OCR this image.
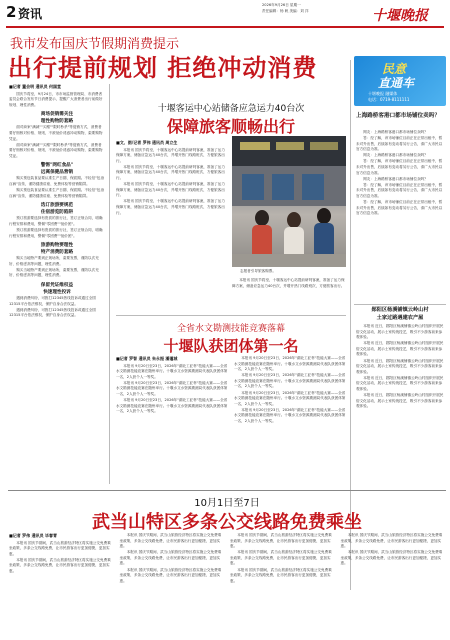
2 资讯
2026年9月26日 星期一
责任编辑：杨 帆 美编：刘 洋	十堰晚报
我市发布国庆节假期消费提示
出行提前规划 拒绝冲动消费
■记者 董会明 通讯员 何国堂

国庆节将至，9月24日，市市场监督管理局、市消费者委员会联合发布节日消费提示，提醒广大消费者出行前做好规划、理性消费。

商场促销需关注
理性购物防套路

面对商家"满减""买赠""限时秒杀"等促销方式，消费者要仔细核对价格、规则，不被低价诱惑冲动购物，索要购物凭证。

面对商家"满减""买赠""限时秒杀"等促销方式，消费者要仔细核对价格、规则，不被低价诱惑冲动购物，索要购物凭证。

警惕"网红食品"
远离保健品营销

购买预包装食品要认准生产日期、保质期。不轻信"包治百病"宣传，谨防健康讲座、免费体检等营销陷阱。

购买预包装食品要认准生产日期、保质期。不轻信"包治百病"宣传，谨防健康讲座、免费体检等营销陷阱。

选订旅游要规范
住宿游览防陷阱

预订旅游要选择有资质的旅行社，签订正规合同，明确行程安排和费用，警惕"零团费""低价团"。

预订旅游要选择有资质的旅行社，签订正规合同，明确行程安排和费用，警惕"零团费""低价团"。

旅游购物要理性
特产消费防套路

购买当地特产要到正规场所，索要发票，谨防以次充好、价格虚高等问题，理性消费。

购买当地特产要到正规场所，索要发票，谨防以次充好、价格虚高等问题，理性消费。

保留凭证维权益
快速理性投诉

遇到消费纠纷，可拨打12345热线投诉或通过全国12315平台依法维权，保护自身合法权益。

遇到消费纠纷，可拨打12345热线投诉或通过全国12315平台依法维权，保护自身合法权益。

十堰客运中心站储备应急运力40台次
保障旅客顺畅出行
志愿者引导旅客购票。
■文、图/记者 罗伟 通讯员 周立生

本报讯 国庆节将至，十堰客运中心站提前研判客流，准备了运力保障方案，储备应急运力40台次，并增开热门线路班次，方便旅客出行。

本报讯 国庆节将至，十堰客运中心站提前研判客流，准备了运力保障方案，储备应急运力40台次，并增开热门线路班次，方便旅客出行。

本报讯 国庆节将至，十堰客运中心站提前研判客流，准备了运力保障方案，储备应急运力40台次，并增开热门线路班次，方便旅客出行。

本报讯 国庆节将至，十堰客运中心站提前研判客流，准备了运力保障方案，储备应急运力40台次，并增开热门线路班次，方便旅客出行。

本报讯 国庆节将至，十堰客运中心站提前研判客流，准备了运力保障方案，储备应急运力40台次，并增开热门线路班次，方便旅客出行。

民意
直通车
十堰晚报 融媒体
电话：0719-8111111
上海路桥客港口都市场铺位卖吗？

网友：上海路桥客港口都市场铺位卖吗？

答：经了解，该市场铺位目前正在正常出租中，暂未对外出售，后续如有变动将另行公告，请广大市民以官方信息为准。

网友：上海路桥客港口都市场铺位卖吗？

答：经了解，该市场铺位目前正在正常出租中，暂未对外出售，后续如有变动将另行公告，请广大市民以官方信息为准。

网友：上海路桥客港口都市场铺位卖吗？

答：经了解，该市场铺位目前正在正常出租中，暂未对外出售，后续如有变动将另行公告，请广大市民以官方信息为准。

答：经了解，该市场铺位目前正在正常出租中，暂未对外出售，后续如有变动将另行公告，请广大市民以官方信息为准。

郧阳区杨溪铺镇云岭山村
土家过路遇建农产屋

本报讯 近日，郧阳区杨溪铺镇云岭山村组织开展民俗文化活动，展示土家传统技艺，吸引不少游客前来参观体验。

本报讯 近日，郧阳区杨溪铺镇云岭山村组织开展民俗文化活动，展示土家传统技艺，吸引不少游客前来参观体验。

本报讯 近日，郧阳区杨溪铺镇云岭山村组织开展民俗文化活动，展示土家传统技艺，吸引不少游客前来参观体验。

本报讯 近日，郧阳区杨溪铺镇云岭山村组织开展民俗文化活动，展示土家传统技艺，吸引不少游客前来参观体验。

本报讯 近日，郧阳区杨溪铺镇云岭山村组织开展民俗文化活动，展示土家传统技艺，吸引不少游客前来参观体验。

全省水文勘测技能竞赛落幕
十堰队获团体第一名
■记者 罗智 通讯员 朱永振 潘瑾城

本报讯 9月20日至23日，2026年"湖北工匠杯"技能大赛——全省水文勘测技能竞赛在随州举行。十堰水文水资源勘测局代表队获团体第一名，2人获个人一等奖。

本报讯 9月20日至23日，2026年"湖北工匠杯"技能大赛——全省水文勘测技能竞赛在随州举行。十堰水文水资源勘测局代表队获团体第一名，2人获个人一等奖。

本报讯 9月20日至23日，2026年"湖北工匠杯"技能大赛——全省水文勘测技能竞赛在随州举行。十堰水文水资源勘测局代表队获团体第一名，2人获个人一等奖。

本报讯 9月20日至23日，2026年"湖北工匠杯"技能大赛——全省水文勘测技能竞赛在随州举行。十堰水文水资源勘测局代表队获团体第一名，2人获个人一等奖。

本报讯 9月20日至23日，2026年"湖北工匠杯"技能大赛——全省水文勘测技能竞赛在随州举行。十堰水文水资源勘测局代表队获团体第一名，2人获个人一等奖。

本报讯 9月20日至23日，2026年"湖北工匠杯"技能大赛——全省水文勘测技能竞赛在随州举行。十堰水文水资源勘测局代表队获团体第一名，2人获个人一等奖。

本报讯 9月20日至23日，2026年"湖北工匠杯"技能大赛——全省水文勘测技能竞赛在随州举行。十堰水文水资源勘测局代表队获团体第一名，2人获个人一等奖。

10月1日至7日
武当山特区多条公交线路免费乘坐
■记者 罗伟 通讯员 毕春青

本报讯 国庆节期间，武当山旅游经济特区将实施公交免费乘坐政策，多条公交线路免费，让市民游客出行更加便捷，更加实惠。

本报讯 国庆节期间，武当山旅游经济特区将实施公交免费乘坐政策，多条公交线路免费，让市民游客出行更加便捷，更加实惠。

本报讯 国庆节期间，武当山旅游经济特区将实施公交免费乘坐政策，多条公交线路免费，让市民游客出行更加便捷，更加实惠。

本报讯 国庆节期间，武当山旅游经济特区将实施公交免费乘坐政策，多条公交线路免费，让市民游客出行更加便捷，更加实惠。

本报讯 国庆节期间，武当山旅游经济特区将实施公交免费乘坐政策，多条公交线路免费，让市民游客出行更加便捷，更加实惠。

本报讯 国庆节期间，武当山旅游经济特区将实施公交免费乘坐政策，多条公交线路免费，让市民游客出行更加便捷，更加实惠。

本报讯 国庆节期间，武当山旅游经济特区将实施公交免费乘坐政策，多条公交线路免费，让市民游客出行更加便捷，更加实惠。

本报讯 国庆节期间，武当山旅游经济特区将实施公交免费乘坐政策，多条公交线路免费，让市民游客出行更加便捷，更加实惠。

本报讯 国庆节期间，武当山旅游经济特区将实施公交免费乘坐政策，多条公交线路免费，让市民游客出行更加便捷，更加实惠。

本报讯 国庆节期间，武当山旅游经济特区将实施公交免费乘坐政策，多条公交线路免费，让市民游客出行更加便捷，更加实惠。
